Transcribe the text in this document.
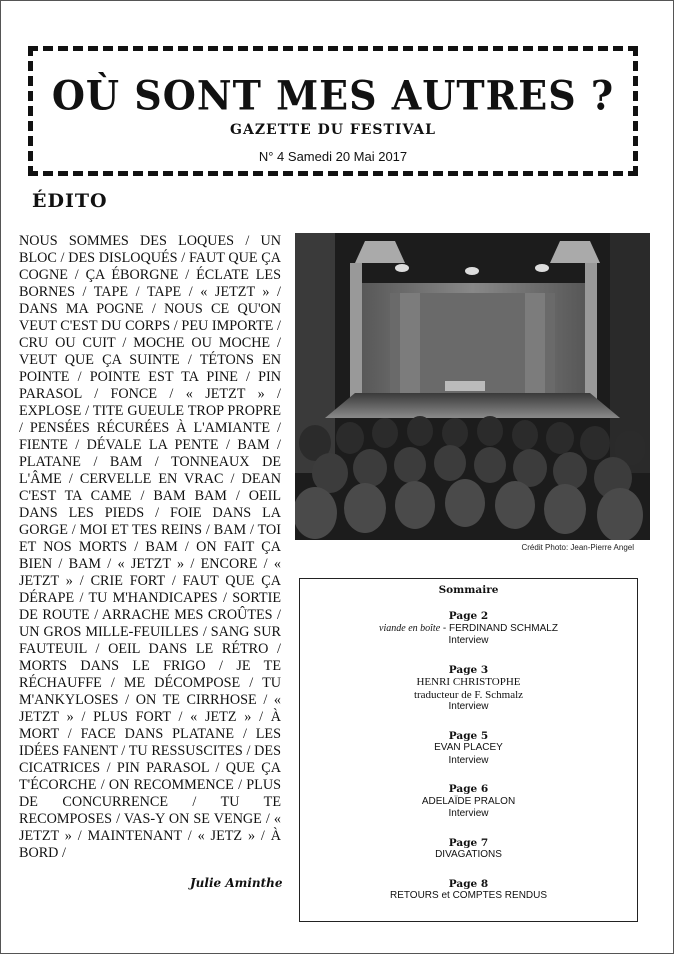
OÙ SONT MES AUTRES ?
GAZETTE DU FESTIVAL
N° 4 Samedi 20 Mai 2017
ÉDITO
NOUS SOMMES DES LOQUES / UN BLOC / DES DISLOQUÉS / FAUT QUE ÇA COGNE / ÇA ÉBORGNE / ÉCLATE LES BORNES / TAPE / TAPE / « JETZT » / DANS MA POGNE / NOUS CE QU'ON VEUT C'EST DU CORPS / PEU IMPORTE / CRU OU CUIT / MOCHE OU MOCHE / VEUT QUE ÇA SUINTE / TÉTONS EN POINTE / POINTE EST TA PINE / PIN PARASOL / FONCE / « JETZT » / EXPLOSE / TITE GUEULE TROP PROPRE / PENSÉES RÉCURÉES À L'AMIANTE / FIENTE / DÉVALE LA PENTE / BAM / PLATANE / BAM / TONNEAUX DE L'ÂME / CERVELLE EN VRAC / DEAN C'EST TA CAME / BAM BAM / OEIL DANS LES PIEDS / FOIE DANS LA GORGE / MOI ET TES REINS / BAM / TOI ET NOS MORTS / BAM / ON FAIT ÇA BIEN / BAM / « JETZT » / ENCORE / « JETZT » / CRIE FORT / FAUT QUE ÇA DÉRAPE / TU M'HANDICAPES / SORTIE DE ROUTE / ARRACHE MES CROÛTES / UN GROS MILLE-FEUILLES / SANG SUR FAUTEUIL / OEIL DANS LE RÉTRO / MORTS DANS LE FRIGO / JE TE RÉCHAUFFE / ME DÉCOMPOSE / TU M'ANKYLOSES / ON TE CIRRHOSE / « JETZT » / PLUS FORT / « JETZ » / À MORT / FACE DANS PLATANE / LES IDÉES FANENT / TU RESSUSCITES / DES CICATRICES / PIN PARASOL / QUE ÇA T'ÉCORCHE / ON RECOMMENCE / PLUS DE CONCURRENCE / TU TE RECOMPOSES / VAS-Y ON SE VENGE / « JETZT » / MAINTENANT / « JETZ » / À BORD /
Julie Aminthe
Crédit Photo: Jean-Pierre Angel
Sommaire
Page 2
viande en boîte - FERDINAND SCHMALZ
Interview
Page 3
HENRI CHRISTOPHE
traducteur de F. Schmalz
Interview
Page 5
EVAN PLACEY
Interview
Page 6
ADELAÏDE PRALON
Interview
Page 7
DIVAGATIONS
Page 8
RETOURS et COMPTES RENDUS
